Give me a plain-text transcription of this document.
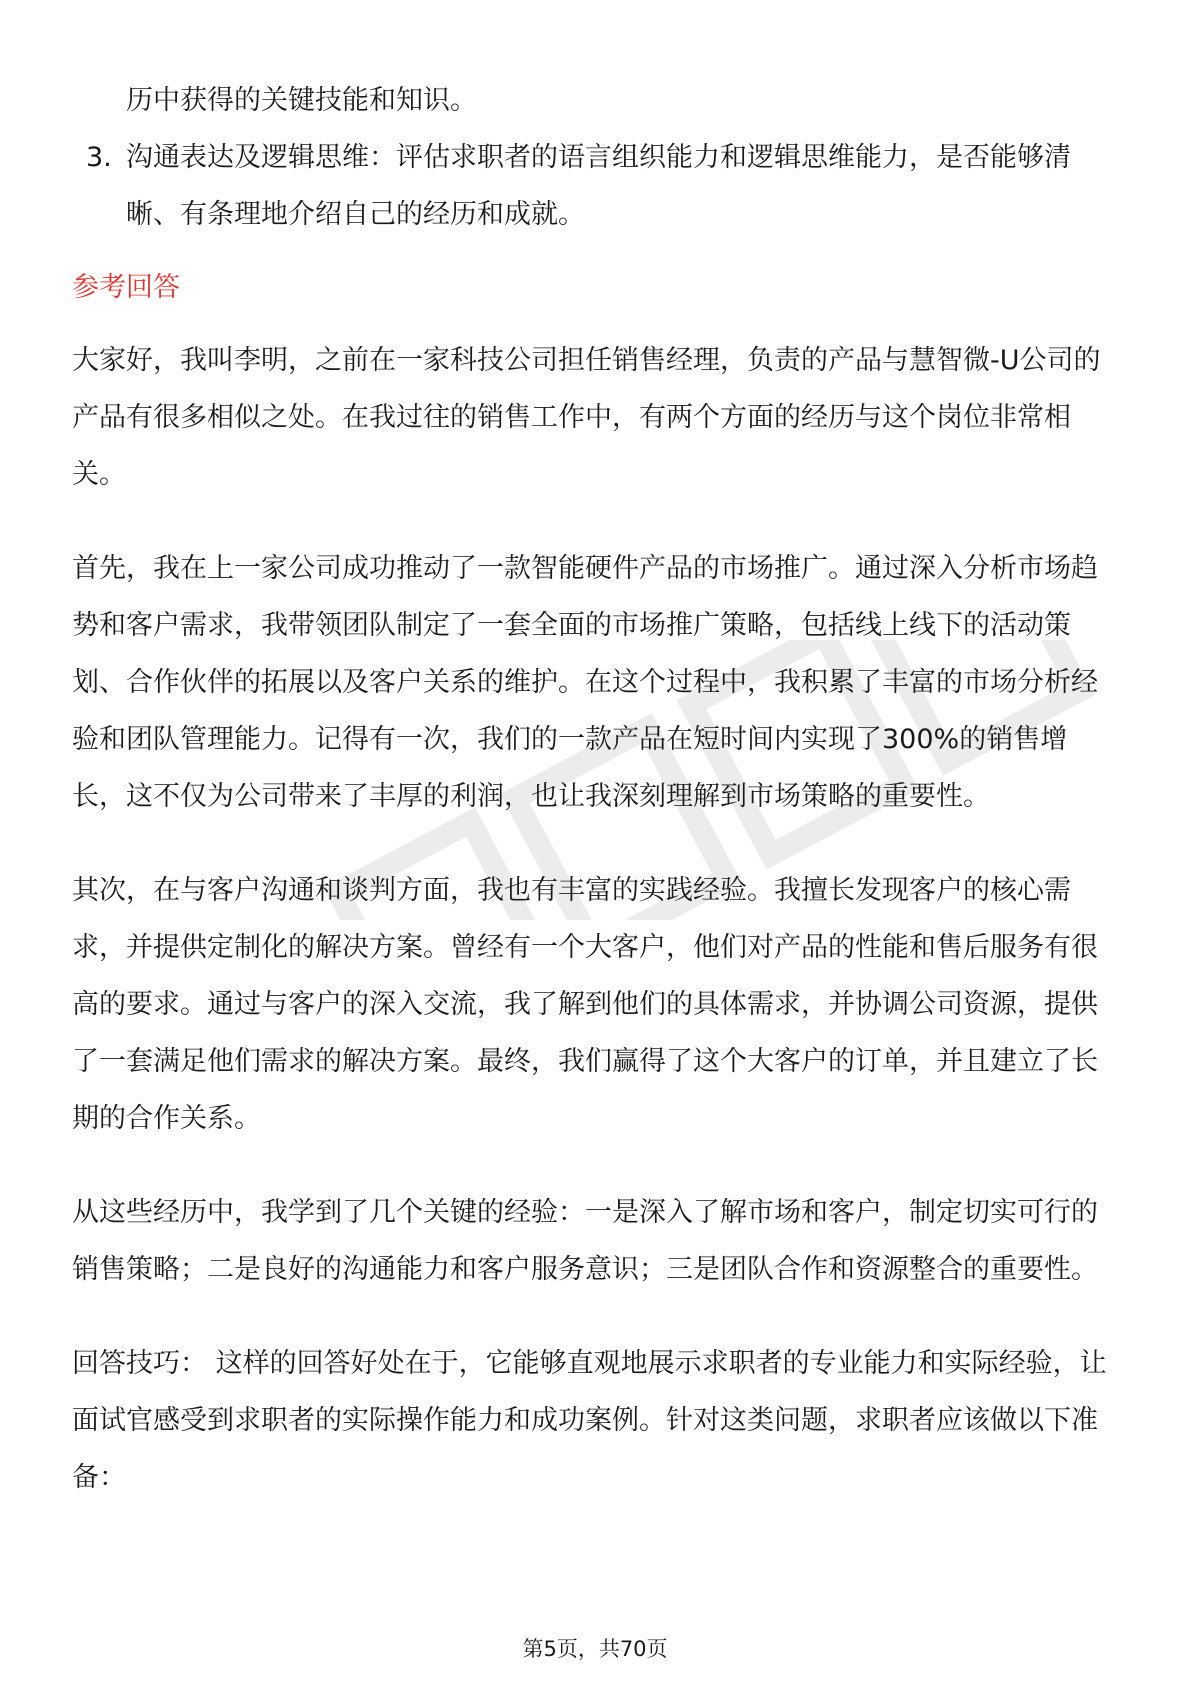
历中获得的关键技能和知识。

3. 沟通表达及逻辑思维：评估求职者的语言组织能力和逻辑思维能力，是否能够清晰、有条理地介绍自己的经历和成就。

参考回答

大家好，我叫李明，之前在一家科技公司担任销售经理，负责的产品与慧智微-U公司的产品有很多相似之处。在我过往的销售工作中，有两个方面的经历与这个岗位非常相关。

首先，我在上一家公司成功推动了一款智能硬件产品的市场推广。通过深入分析市场趋势和客户需求，我带领团队制定了一套全面的市场推广策略，包括线上线下的活动策划、合作伙伴的拓展以及客户关系的维护。在这个过程中，我积累了丰富的市场分析经验和团队管理能力。记得有一次，我们的一款产品在短时间内实现了300%的销售增长，这不仅为公司带来了丰厚的利润，也让我深刻理解到市场策略的重要性。

其次，在与客户沟通和谈判方面，我也有丰富的实践经验。我擅长发现客户的核心需求，并提供定制化的解决方案。曾经有一个大客户，他们对产品的性能和售后服务有很高的要求。通过与客户的深入交流，我了解到他们的具体需求，并协调公司资源，提供了一套满足他们需求的解决方案。最终，我们赢得了这个大客户的订单，并且建立了长期的合作关系。

从这些经历中，我学到了几个关键的经验：一是深入了解市场和客户，制定切实可行的销售策略；二是良好的沟通能力和客户服务意识；三是团队合作和资源整合的重要性。

回答技巧： 这样的回答好处在于，它能够直观地展示求职者的专业能力和实际经验，让面试官感受到求职者的实际操作能力和成功案例。针对这类问题，求职者应该做以下准备：

第5页，共70页
